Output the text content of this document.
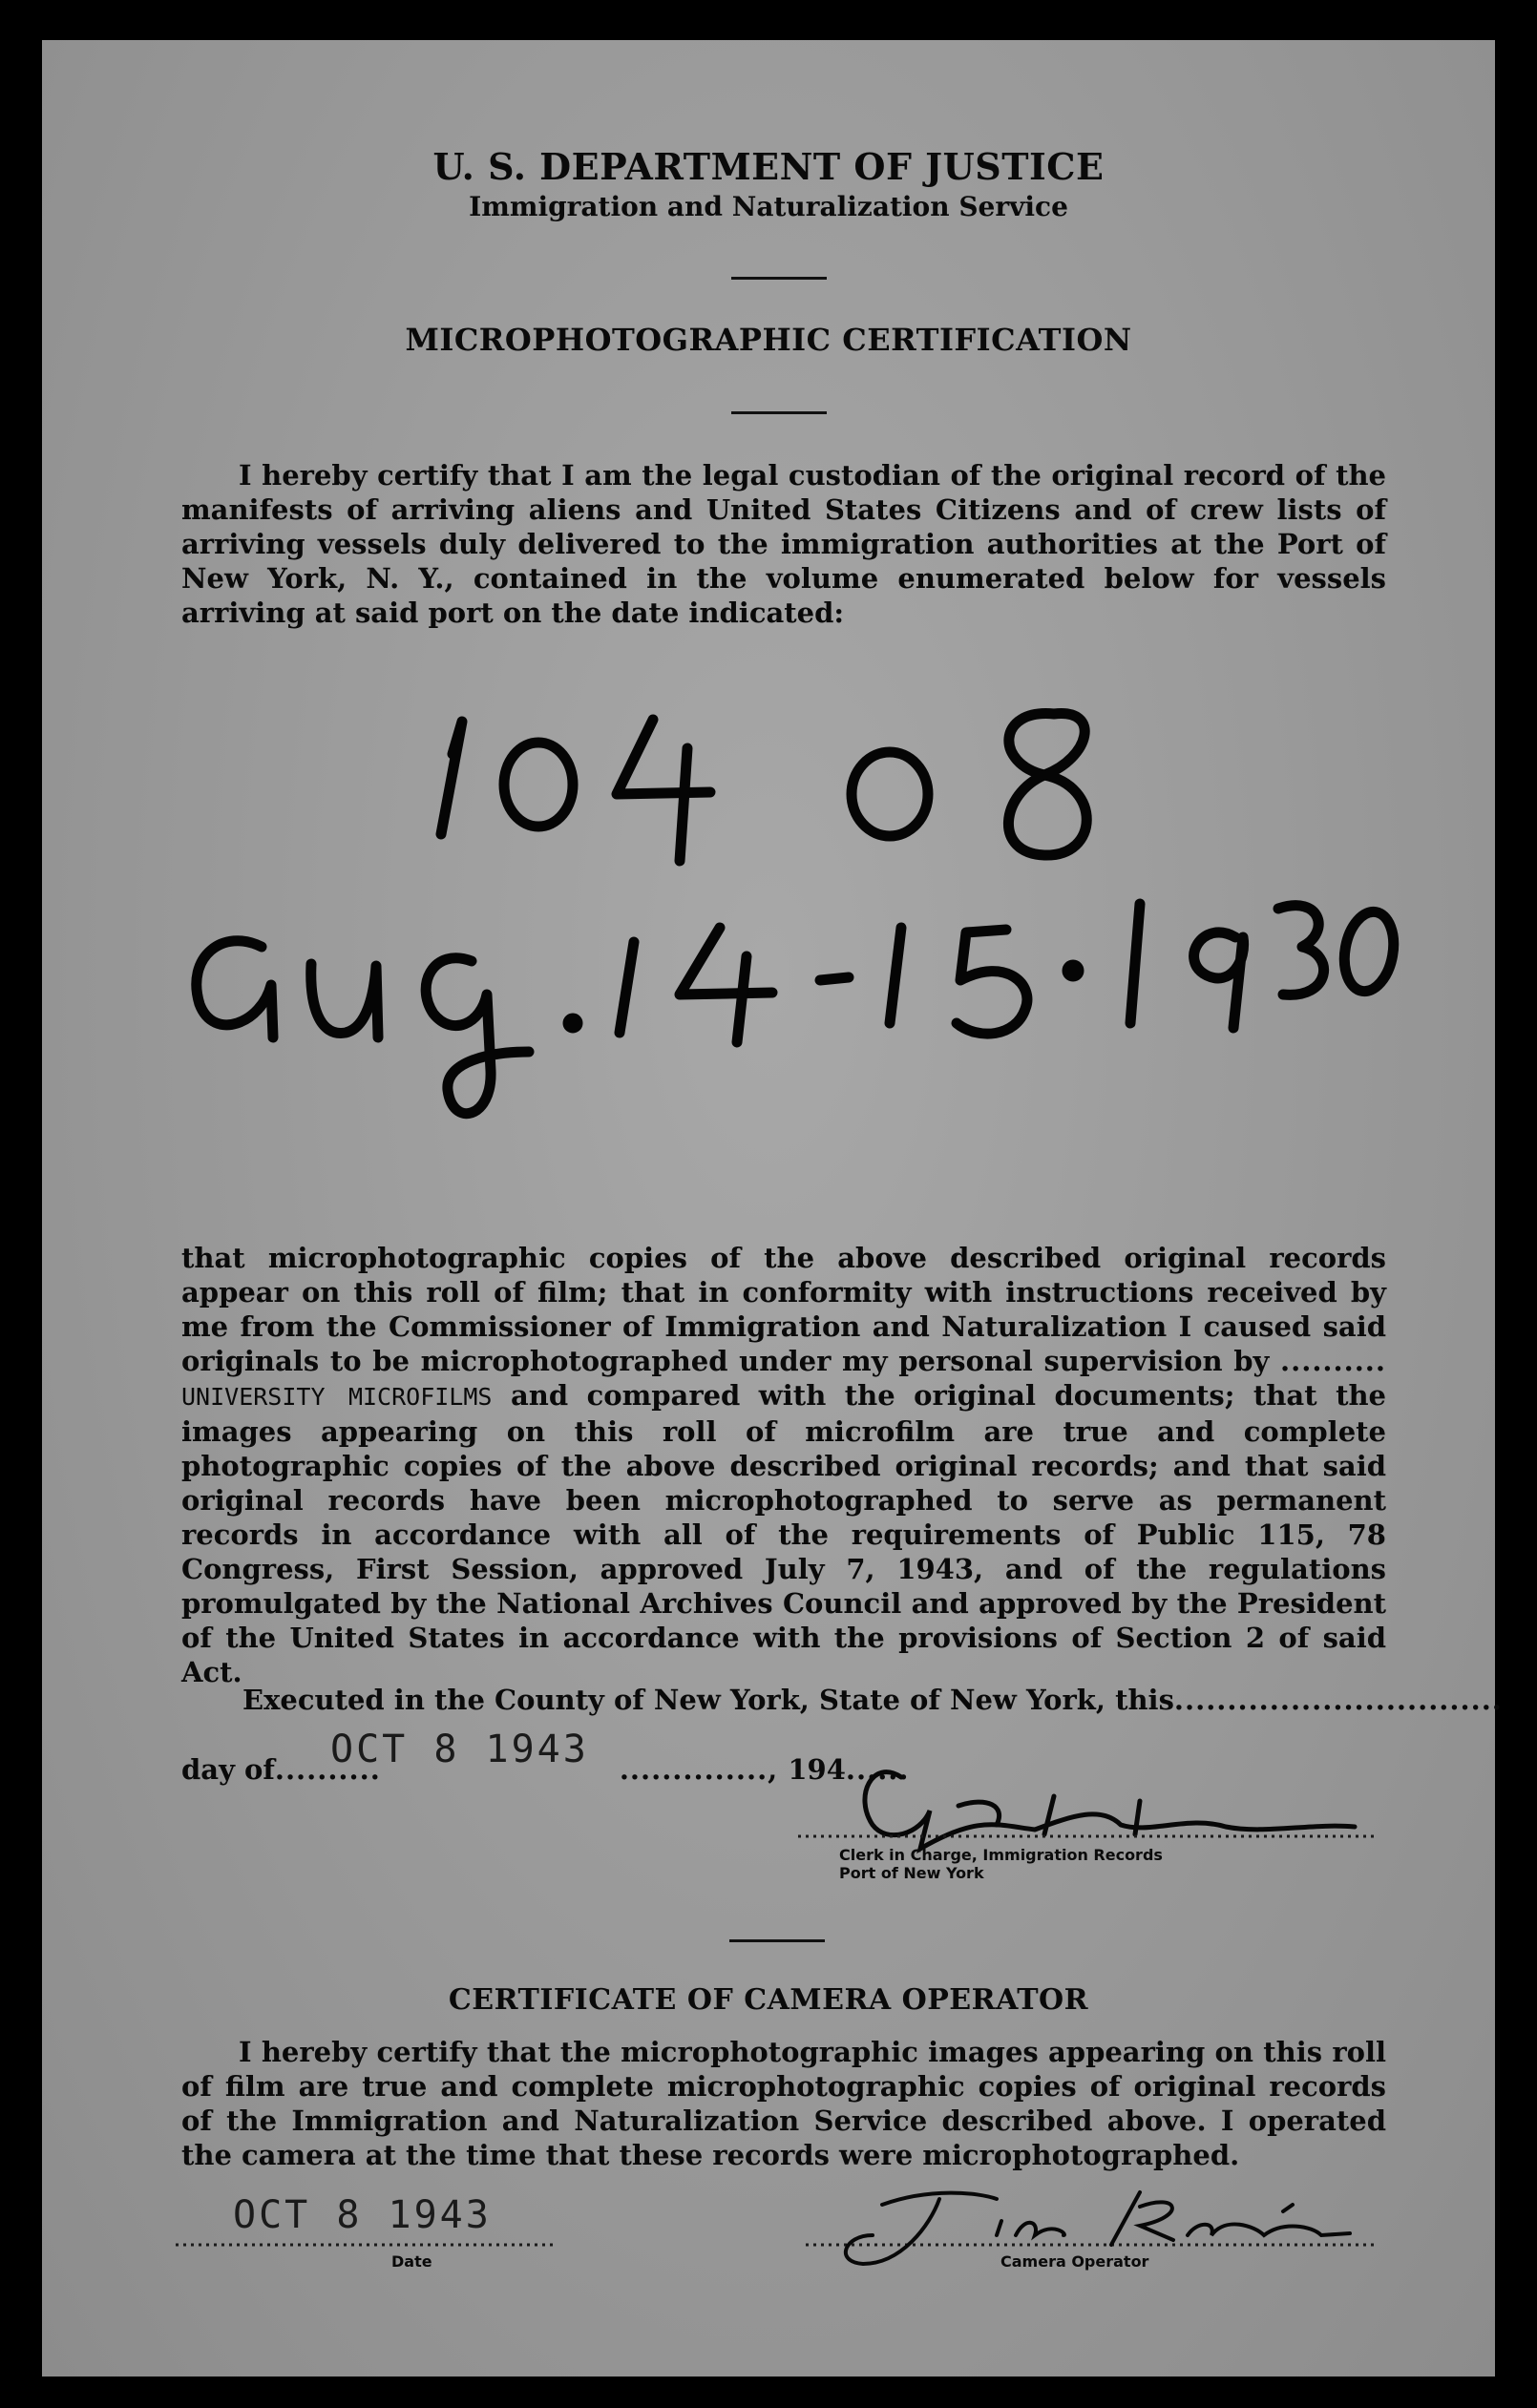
U. S. DEPARTMENT OF JUSTICE
Immigration and Naturalization Service
MICROPHOTOGRAPHIC CERTIFICATION
I hereby certify that I am the legal custodian of the original record of the manifests of arriving aliens and United States Citizens and of crew lists of arriving vessels duly delivered to the immigration authorities at the Port of New York, N. Y., contained in the volume enumerated below for vessels arriving at said port on the date indicated:
that microphotographic copies of the above described original records appear on this roll of film; that in conformity with instructions received by me from the Commissioner of Immigration and Naturalization I caused said originals to be microphotographed under my personal supervision by .......... UNIVERSITY MICROFILMS and compared with the original documents; that the images appearing on this roll of microfilm are true and complete photographic copies of the above described original records; and that said original records have been microphotographed to serve as permanent records in accordance with all of the requirements of Public 115, 78 Congress, First Session, approved July 7, 1943, and of the regulations promulgated by the National Archives Council and approved by the President of the United States in accordance with the provisions of Section 2 of said Act.
Executed in the County of New York, State of New York, this...............................
day of..........	.............., 194......
OCT 8 1943
Clerk in Charge, Immigration Records
Port of New York
CERTIFICATE OF CAMERA OPERATOR
I hereby certify that the microphotographic images appearing on this roll of film are true and complete microphotographic copies of original records of the Immigration and Naturalization Service described above. I operated the camera at the time that these records were microphotographed.
OCT 8 1943
Date	Camera Operator
